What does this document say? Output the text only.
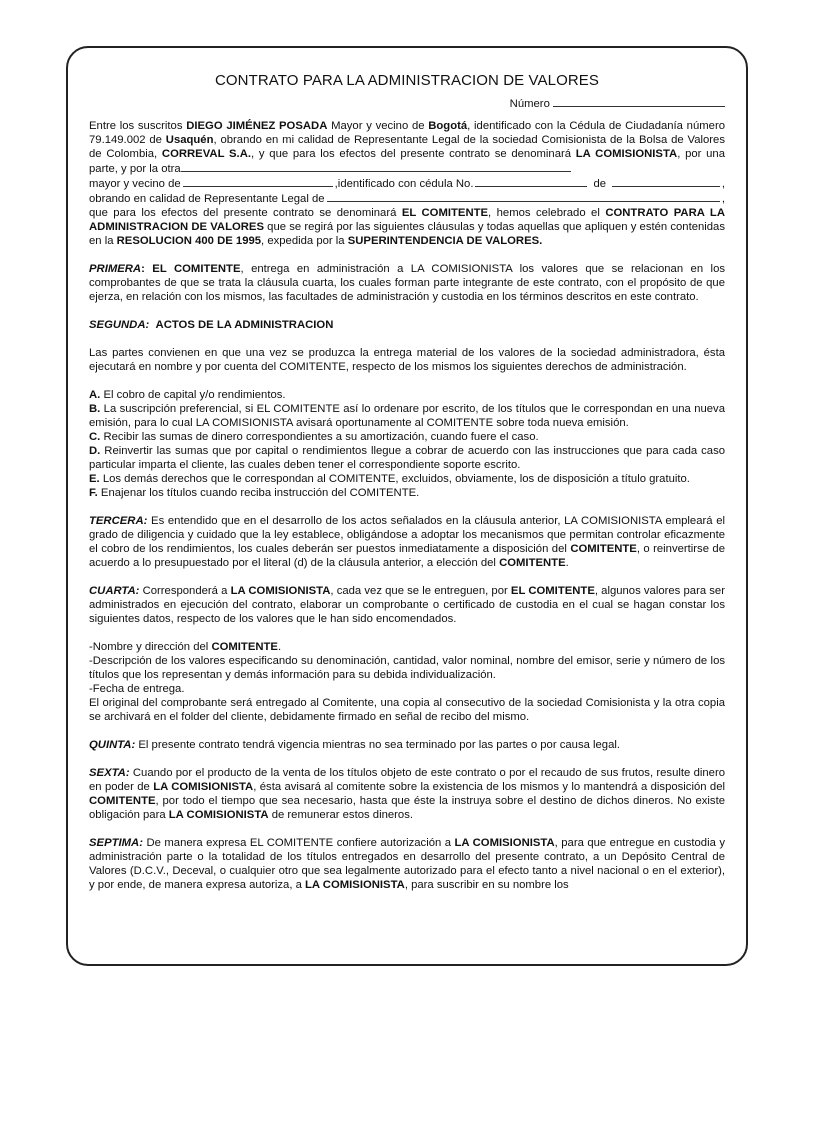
CONTRATO PARA LA ADMINISTRACION DE VALORES
Número

Entre los suscritos DIEGO JIMÉNEZ POSADA Mayor y vecino de Bogotá, identificado con la Cédula de Ciudadanía número 79.149.002 de Usaquén, obrando en mi calidad de Representante Legal de la sociedad Comisionista de la Bolsa de Valores de Colombia, CORREVAL S.A., y que para los efectos del presente contrato se denominará LA COMISIONISTA, por una parte, y por la otra

mayor y vecino de	,identificado con cédula No.	de	,
obrando en calidad de Representante Legal de	,

que para los efectos del presente contrato se denominará EL COMITENTE, hemos celebrado el CONTRATO PARA LA ADMINISTRACION DE VALORES que se regirá por las siguientes cláusulas y todas aquellas que apliquen y estén contenidas en la RESOLUCION 400 DE 1995, expedida por la SUPERINTENDENCIA DE VALORES.

PRIMERA: EL COMITENTE, entrega en administración a LA COMISIONISTA los valores que se relacionan en los comprobantes de que se trata la cláusula cuarta, los cuales forman parte integrante de este contrato, con el propósito de que ejerza, en relación con los mismos, las facultades de administración y custodia en los términos descritos en este contrato.

SEGUNDA: ACTOS DE LA ADMINISTRACION

Las partes convienen en que una vez se produzca la entrega material de los valores de la sociedad administradora, ésta ejecutará en nombre y por cuenta del COMITENTE, respecto de los mismos los siguientes derechos de administración.

A. El cobro de capital y/o rendimientos.

B. La suscripción preferencial, si EL COMITENTE así lo ordenare por escrito, de los títulos que le correspondan en una nueva emisión, para lo cual LA COMISIONISTA avisará oportunamente al COMITENTE sobre toda nueva emisión.

C. Recibir las sumas de dinero correspondientes a su amortización, cuando fuere el caso.

D. Reinvertir las sumas que por capital o rendimientos llegue a cobrar de acuerdo con las instrucciones que para cada caso particular imparta el cliente, las cuales deben tener el correspondiente soporte escrito.

E. Los demás derechos que le correspondan al COMITENTE, excluidos, obviamente, los de disposición a título gratuito.

F. Enajenar los títulos cuando reciba instrucción del COMITENTE.

TERCERA: Es entendido que en el desarrollo de los actos señalados en la cláusula anterior, LA COMISIONISTA empleará el grado de diligencia y cuidado que la ley establece, obligándose a adoptar los mecanismos que permitan controlar eficazmente el cobro de los rendimientos, los cuales deberán ser puestos inmediatamente a disposición del COMITENTE, o reinvertirse de acuerdo a lo presupuestado por el literal (d) de la cláusula anterior, a elección del COMITENTE.

CUARTA: Corresponderá a LA COMISIONISTA, cada vez que se le entreguen, por EL COMITENTE, algunos valores para ser administrados en ejecución del contrato, elaborar un comprobante o certificado de custodia en el cual se hagan constar los siguientes datos, respecto de los valores que le han sido encomendados.

-Nombre y dirección del COMITENTE.

-Descripción de los valores especificando su denominación, cantidad, valor nominal, nombre del emisor, serie y número de los títulos que los representan y demás información para su debida individualización.

-Fecha de entrega.

El original del comprobante será entregado al Comitente, una copia al consecutivo de la sociedad Comisionista y la otra copia se archivará en el folder del cliente, debidamente firmado en señal de recibo del mismo.

QUINTA: El presente contrato tendrá vigencia mientras no sea terminado por las partes o por causa legal.

SEXTA: Cuando por el producto de la venta de los títulos objeto de este contrato o por el recaudo de sus frutos, resulte dinero en poder de LA COMISIONISTA, ésta avisará al comitente sobre la existencia de los mismos y lo mantendrá a disposición del COMITENTE, por todo el tiempo que sea necesario, hasta que éste la instruya sobre el destino de dichos dineros. No existe obligación para LA COMISIONISTA de remunerar estos dineros.

SEPTIMA: De manera expresa EL COMITENTE confiere autorización a LA COMISIONISTA, para que entregue en custodia y administración parte o la totalidad de los títulos entregados en desarrollo del presente contrato, a un Depósito Central de Valores (D.C.V., Deceval, o cualquier otro que sea legalmente autorizado para el efecto tanto a nivel nacional o en el exterior), y por ende, de manera expresa autoriza, a LA COMISIONISTA, para suscribir en su nombre los
